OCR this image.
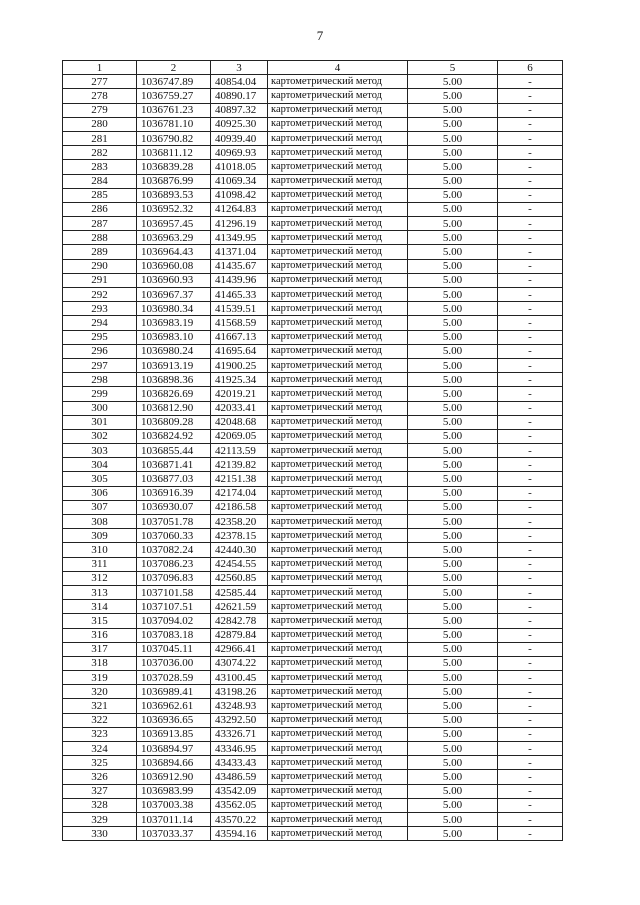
7
1	2	3	4	5	6
277	1036747.89	40854.04	картометрический метод	5.00	-
278	1036759.27	40890.17	картометрический метод	5.00	-
279	1036761.23	40897.32	картометрический метод	5.00	-
280	1036781.10	40925.30	картометрический метод	5.00	-
281	1036790.82	40939.40	картометрический метод	5.00	-
282	1036811.12	40969.93	картометрический метод	5.00	-
283	1036839.28	41018.05	картометрический метод	5.00	-
284	1036876.99	41069.34	картометрический метод	5.00	-
285	1036893.53	41098.42	картометрический метод	5.00	-
286	1036952.32	41264.83	картометрический метод	5.00	-
287	1036957.45	41296.19	картометрический метод	5.00	-
288	1036963.29	41349.95	картометрический метод	5.00	-
289	1036964.43	41371.04	картометрический метод	5.00	-
290	1036960.08	41435.67	картометрический метод	5.00	-
291	1036960.93	41439.96	картометрический метод	5.00	-
292	1036967.37	41465.33	картометрический метод	5.00	-
293	1036980.34	41539.51	картометрический метод	5.00	-
294	1036983.19	41568.59	картометрический метод	5.00	-
295	1036983.10	41667.13	картометрический метод	5.00	-
296	1036980.24	41695.64	картометрический метод	5.00	-
297	1036913.19	41900.25	картометрический метод	5.00	-
298	1036898.36	41925.34	картометрический метод	5.00	-
299	1036826.69	42019.21	картометрический метод	5.00	-
300	1036812.90	42033.41	картометрический метод	5.00	-
301	1036809.28	42048.68	картометрический метод	5.00	-
302	1036824.92	42069.05	картометрический метод	5.00	-
303	1036855.44	42113.59	картометрический метод	5.00	-
304	1036871.41	42139.82	картометрический метод	5.00	-
305	1036877.03	42151.38	картометрический метод	5.00	-
306	1036916.39	42174.04	картометрический метод	5.00	-
307	1036930.07	42186.58	картометрический метод	5.00	-
308	1037051.78	42358.20	картометрический метод	5.00	-
309	1037060.33	42378.15	картометрический метод	5.00	-
310	1037082.24	42440.30	картометрический метод	5.00	-
311	1037086.23	42454.55	картометрический метод	5.00	-
312	1037096.83	42560.85	картометрический метод	5.00	-
313	1037101.58	42585.44	картометрический метод	5.00	-
314	1037107.51	42621.59	картометрический метод	5.00	-
315	1037094.02	42842.78	картометрический метод	5.00	-
316	1037083.18	42879.84	картометрический метод	5.00	-
317	1037045.11	42966.41	картометрический метод	5.00	-
318	1037036.00	43074.22	картометрический метод	5.00	-
319	1037028.59	43100.45	картометрический метод	5.00	-
320	1036989.41	43198.26	картометрический метод	5.00	-
321	1036962.61	43248.93	картометрический метод	5.00	-
322	1036936.65	43292.50	картометрический метод	5.00	-
323	1036913.85	43326.71	картометрический метод	5.00	-
324	1036894.97	43346.95	картометрический метод	5.00	-
325	1036894.66	43433.43	картометрический метод	5.00	-
326	1036912.90	43486.59	картометрический метод	5.00	-
327	1036983.99	43542.09	картометрический метод	5.00	-
328	1037003.38	43562.05	картометрический метод	5.00	-
329	1037011.14	43570.22	картометрический метод	5.00	-
330	1037033.37	43594.16	картометрический метод	5.00	-
